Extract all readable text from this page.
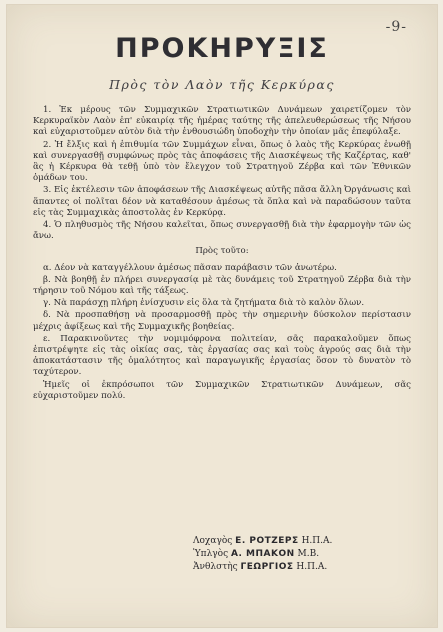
-9-
ΠΡΟΚΗΡΥΞΙΣ
Πρὸς τὸν Λαὸν τῆς Κερκύρας

1. Ἐκ μέρους τῶν Συμμαχικῶν Στρατιωτικῶν Δυνάμεων χαιρετίζομεν τὸν Κερκυραϊκὸν Λαὸν ἐπ' εὐκαιρίᾳ τῆς ἡμέρας ταύτης τῆς ἀπελευθερώσεως τῆς Νήσου καὶ εὐχαριστοῦμεν αὐτὸν διὰ τὴν ἐνθουσιώδη ὑποδοχὴν τὴν ὁποίαν μᾶς ἐπεφύλαξε.

2. Ἡ ἔλξις καὶ ἡ ἐπιθυμία τῶν Συμμάχων εἶναι, ὅπως ὁ λαὸς τῆς Κερκύρας ἑνωθῇ καὶ συνεργασθῇ συμφώνως πρὸς τὰς ἀποφάσεις τῆς Διασκέψεως τῆς Καζέρτας, καθ' ἃς ἡ Κέρκυρα θὰ τεθῇ ὑπὸ τὸν ἔλεγχον τοῦ Στρατηγοῦ Ζέρβα καὶ τῶν Ἐθνικῶν ὁμάδων του.

3. Εἰς ἐκτέλεσιν τῶν ἀποφάσεων τῆς Διασκέψεως αὐτῆς πᾶσα ἄλλη Ὀργάνωσις καὶ ἅπαντες οἱ πολῖται δέον νὰ καταθέσουν ἀμέσως τὰ ὅπλα καὶ νὰ παραδώσουν ταῦτα εἰς τὰς Συμμαχικὰς ἀποστολὰς ἐν Κερκύρᾳ.

4. Ὁ πληθυσμὸς τῆς Νήσου καλεῖται, ὅπως συνεργασθῇ διὰ τὴν ἐφαρμογὴν τῶν ὡς ἄνω.

Πρὸς τοῦτο:

α. Δέον νὰ καταγγέλλουν ἀμέσως πᾶσαν παράβασιν τῶν ἀνωτέρω.

β. Νὰ βοηθῇ ἐν πλήρει συνεργασίᾳ μὲ τὰς δυνάμεις τοῦ Στρατηγοῦ Ζέρβα διὰ τὴν τήρησιν τοῦ Νόμου καὶ τῆς τάξεως.

γ. Νὰ παράσχῃ πλήρη ἐνίσχυσιν εἰς ὅλα τὰ ζητήματα διὰ τὸ καλὸν ὅλων.

δ. Νὰ προσπαθήσῃ νὰ προσαρμοσθῇ πρὸς τὴν σημερινὴν δύσκολον περίστασιν μέχρις ἀφίξεως καὶ τῆς Συμμαχικῆς βοηθείας.

ε. Παρακινοῦντες τὴν νομιμόφρονα πολιτείαν, σᾶς παρακαλοῦμεν ὅπως ἐπιστρέψητε εἰς τὰς οἰκίας σας, τὰς ἐργασίας σας καὶ τοὺς ἀγρούς σας διὰ τὴν ἀποκατάστασιν τῆς ὁμαλότητος καὶ παραγωγικῆς ἐργασίας ὅσον τὸ δυνατὸν τὸ ταχύτερον.

Ἡμεῖς οἱ ἐκπρόσωποι τῶν Συμμαχικῶν Στρατιωτικῶν Δυνάμεων, σᾶς εὐχαριστοῦμεν πολύ.

Λοχαγὸς Ε. ΡΟΤΖΕΡΣ Η.Π.Α.
Ὑπλγὸς Α. ΜΠΑΚΟΝ Μ.Β.
Ἀνθλστὴς ΓΕΩΡΓΙΟΣ Η.Π.Α.
